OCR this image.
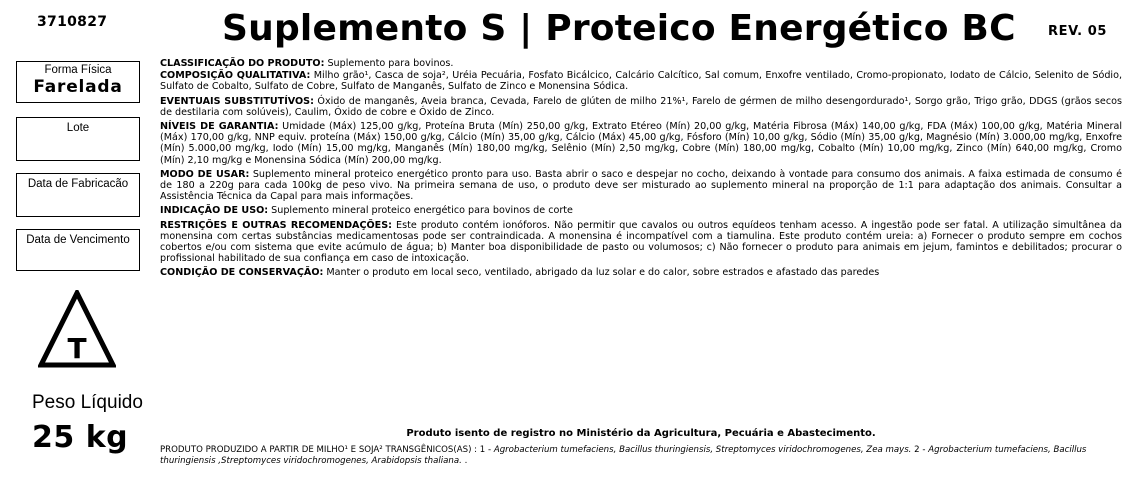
3710827	Suplemento S | Proteico Energético BC REV. 05
Forma Física
Farelada
Lote
Data de Fabricacão
Data de Vencimento
T
Peso Líquido
25 kg

CLASSIFICAÇÃO DO PRODUTO: Suplemento para bovinos.

COMPOSIÇÃO QUALITATIVA: Milho grão¹, Casca de soja², Uréia Pecuária, Fosfato Bicálcico, Calcário Calcítico, Sal comum, Enxofre ventilado, Cromo-propionato, Iodato de Cálcio, Selenito de Sódio, Sulfato de Cobalto, Sulfato de Cobre, Sulfato de Manganês, Sulfato de Zinco e Monensina Sódica.

EVENTUAIS SUBSTITUTÍVOS: Óxido de manganês, Aveia branca, Cevada, Farelo de glúten de milho 21%¹, Farelo de gérmen de milho desengordurado¹, Sorgo grão, Trigo grão, DDGS (grãos secos de destilaria com solúveis), Caulim, Óxido de cobre e Óxido de Zinco.

NÍVEIS DE GARANTIA: Umidade (Máx) 125,00 g/kg, Proteína Bruta (Mín) 250,00 g/kg, Extrato Etéreo (Mín) 20,00 g/kg, Matéria Fibrosa (Máx) 140,00 g/kg, FDA (Máx) 100,00 g/kg, Matéria Mineral (Máx) 170,00 g/kg, NNP equiv. proteína (Máx) 150,00 g/kg, Cálcio (Mín) 35,00 g/kg, Cálcio (Máx) 45,00 g/kg, Fósforo (Mín) 10,00 g/kg, Sódio (Mín) 35,00 g/kg, Magnésio (Mín) 3.000,00 mg/kg, Enxofre (Mín) 5.000,00 mg/kg, Iodo (Mín) 15,00 mg/kg, Manganês (Mín) 180,00 mg/kg, Selênio (Mín) 2,50 mg/kg, Cobre (Mín) 180,00 mg/kg, Cobalto (Mín) 10,00 mg/kg, Zinco (Mín) 640,00 mg/kg, Cromo (Mín) 2,10 mg/kg e Monensina Sódica (Mín) 200,00 mg/kg.

MODO DE USAR: Suplemento mineral proteico energético pronto para uso. Basta abrir o saco e despejar no cocho, deixando à vontade para consumo dos animais. A faixa estimada de consumo é de 180 a 220g para cada 100kg de peso vivo. Na primeira semana de uso, o produto deve ser misturado ao suplemento mineral na proporção de 1:1 para adaptação dos animais. Consultar a Assistência Técnica da Capal para mais informações.

INDICAÇÃO DE USO: Suplemento mineral proteico energético para bovinos de corte

RESTRIÇÕES E OUTRAS RECOMENDAÇÕES: Este produto contém ionóforos. Não permitir que cavalos ou outros equídeos tenham acesso. A ingestão pode ser fatal. A utilização simultânea da monensina com certas substâncias medicamentosas pode ser contraindicada. A monensina é incompatível com a tiamulina. Este produto contém ureia: a) Fornecer o produto sempre em cochos cobertos e/ou com sistema que evite acúmulo de água; b) Manter boa disponibilidade de pasto ou volumosos; c) Não fornecer o produto para animais em jejum, famintos e debilitados; procurar o profissional habilitado de sua confiança em caso de intoxicação.

CONDIÇÃO DE CONSERVAÇÃO: Manter o produto em local seco, ventilado, abrigado da luz solar e do calor, sobre estrados e afastado das paredes

Produto isento de registro no Ministério da Agricultura, Pecuária e Abastecimento.
PRODUTO PRODUZIDO A PARTIR DE MILHO¹ E SOJA² TRANSGÊNICOS(AS) : 1 - Agrobacterium tumefaciens, Bacillus thuringiensis, Streptomyces viridochromogenes, Zea mays. 2 - Agrobacterium tumefaciens, Bacillus thuringiensis ,Streptomyces viridochromogenes, Arabidopsis thaliana. .
